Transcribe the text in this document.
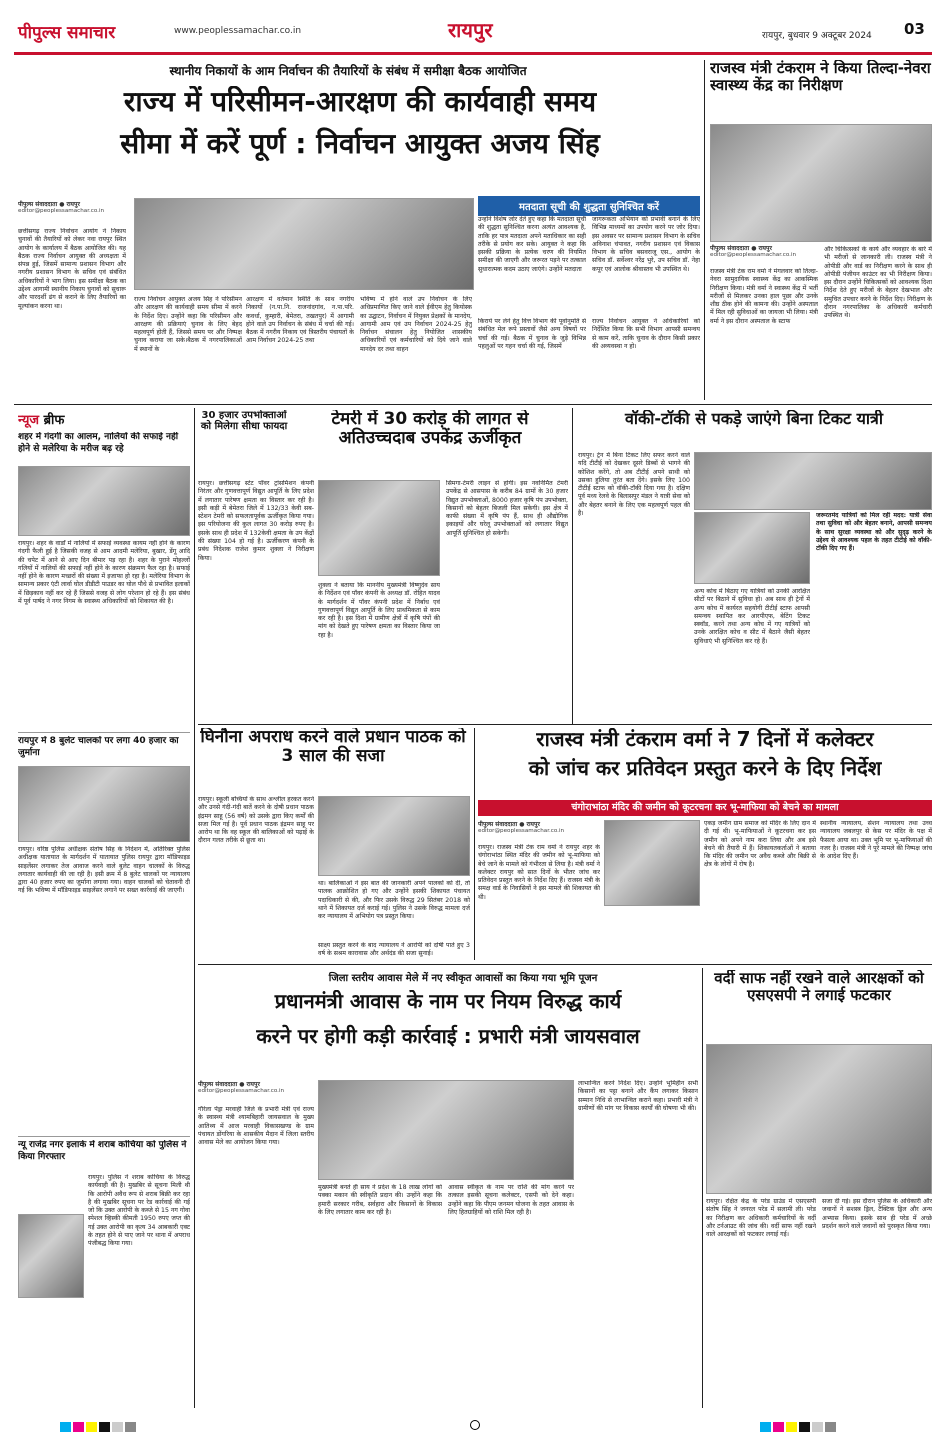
पीपुल्स समाचार	www.peoplessamachar.co.in	रायपुर	रायपुर, बुधवार 9 अक्टूबर 2024 03
स्थानीय निकायों के आम निर्वाचन की तैयारियों के संबंध में समीक्षा बैठक आयोजित
राज्य में परिसीमन-आरक्षण की कार्यवाही समय
सीमा में करें पूर्ण : निर्वाचन आयुक्त अजय सिंह
पीपुल्स संवाददाता ● रायपुर
editor@peoplessamachar.co.in
छत्तीसगढ़ राज्य निर्वाचन आयोग ने निकाय चुनावों की तैयारियों को लेकर नवा रायपुर स्थित आयोग के कार्यालय में बैठक आयोजित की। यह बैठक राज्य निर्वाचन आयुक्त की अध्यक्षता में संपन्न हुई, जिसमें सामान्य प्रशासन विभाग और नगरीय प्रशासन विभाग के सचिव एवं संबंधित अधिकारियों ने भाग लिया। इस समीक्षा बैठक का उद्देश्य आगामी स्थानीय निकाय चुनावों को सुचारू और पारदर्शी ढंग से कराने के लिए तैयारियों का मूल्यांकन करना था।
राज्य निर्वाचन आयुक्त अजय सिंह ने परिसीमन और आरक्षण की कार्यवाही समय सीमा में करने के निर्देश दिए। उन्होंने कहा कि परिसीमन और आरक्षण की प्रक्रियाएं चुनाव के लिए बेहद महत्वपूर्ण होती हैं, जिससे समय पर और निष्पक्ष चुनाव कराया जा सके।बैठक में नगरपालिकाओं में स्थानों के
आरक्षण में वर्तमान स्थिति के साथ नगरीय निकायों (न.पा.नि. राजनांदगांव, न.पा.परि. कवर्धा, कुम्हारी, बेमेतरा, तखतपुर) में आगामी होने वाले उप निर्वाचन के संबंध में चर्चा की गई।बैठक में नगरीय निकाय एवं त्रिस्तरीय पंचायतों के आम निर्वाचन 2024-25 तथा
भविष्य में होने वाले उप निर्वाचन के लिए अधिप्रमाणित किए जाने वाले ईवीएम हेतु कियोस्क का उद्घाटन, निर्वाचन में नियुक्त प्रेक्षकों के मानदेय, आगामी आम एवं उप निर्वाचन 2024-25 हेतु निर्वाचन संचालन हेतु नियोजित शासकीय अधिकारियों एवं कर्मचारियों को दिये जाने वाले मानदेय दर तथा वाहन
मतदाता सूची की शुद्धता सुनिश्चित करें
उन्होंने विशेष जोर देते हुए कहा कि मतदाता सूची की शुद्धता सुनिश्चित करना अत्यंत आवश्यक है, ताकि हर पात्र मतदाता अपने मताधिकार का सही तरीके से प्रयोग कर सके। आयुक्त ने कहा कि इसकी प्रक्रिया के प्रत्येक चरण की नियमित समीक्षा की जाएगी और जरूरत पड़ने पर तत्काल सुधारात्मक कदम उठाए जाएंगे। उन्होंने मतदाता
जागरूकता अभियान को प्रभावी बनाने के लिए विभिन्न माध्यमों का उपयोग करने पर जोर दिया। इस अवसर पर सामान्य प्रशासन विभाग के सचिव अविनाश चंपावत, नगरीय प्रशासन एवं विकास विभाग के सचिव बसवराजू एस., आयोग के सचिव डॉ. सर्वेश्वर नरेंद्र भुरे, उप सचिव डॉ. नेहा कपूर एवं आलोक श्रीवास्तव भी उपस्थित थे।
किराये पर लेने हेतु वित्त विभाग की पूर्वानुमति से संबंधित मेल रूपे प्रस्तावों जैसे अन्य विषयों पर चर्चा की गई। बैठक में चुनाव के जुड़े विभिन्न पहलुओं पर गहन चर्चा की गई, जिसमें
राज्य निर्वाचन आयुक्त ने अधिकारियों को निर्देशित किया कि सभी विभाग आपसी समन्वय से काम करें, ताकि चुनाव के दौरान किसी प्रकार की अव्यवस्था न हो।
राजस्व मंत्री टंकराम ने किया तिल्दा-नेवरा स्वास्थ्य केंद्र का निरीक्षण
पीपुल्स संवाददाता ● रायपुर
editor@peoplessamachar.co.in
राजस्व मंत्री टंक राम वर्मा ने मंगलवार को तिल्दा-नेवरा सामुदायिक स्वास्थ्य केंद्र का आकस्मिक निरीक्षण किया। मंत्री वर्मा ने स्वास्थ्य केंद्र में भर्ती मरीजों से मिलकर उनका हाल पूछा और उनके शीघ्र ठीक होने की कामना की। उन्होंने अस्पताल में मिल रही सुविधाओं का जायजा भी लिया। मंत्री वर्मा ने इस दौरान अस्पताल के स्टाफ
और चिकित्सकों के कार्य और व्यवहार के बारे में भी मरीजों से जानकारी ली। राजस्व मंत्री ने ओपीडी और वार्ड का निरीक्षण करने के साथ ही ओपीडी पंजीयन काउंटर का भी निरीक्षण किया। इस दौरान उन्होंने चिकित्सकों को आवश्यक दिशा निर्देश देते हुए मरीजों के बेहतर देखभाल और समुचित उपचार करने के निर्देश दिए। निरीक्षण के दौरान नगरपालिका के अधिकारी कर्मचारी उपस्थित थे।
न्यूज ब्रीफ
शहर में गंदगी का आलम, नालियों की सफाई नहीं होने से मलेरिया के मरीज बढ़ रहे
रायपुर। शहर के वार्डों में नालियों में सफाई व्यवस्था कायम नहीं होने के कारण गंदगी फैली हुई है जिसकी वजह से आम आदमी मलेरिया, बुखार, डेंगू आदि की चपेट में आने से आए दिन बीमार पड़ रहा है। शहर के पुराने मोहल्लों गलियों में नालियों की सफाई नहीं होने के कारण संक्रमण फैल रहा है। सफाई नहीं होने के कारण मच्छरों की संख्या में इजाफा हो रहा है। मलेरिया विभाग के सामान्य प्रकार एंटी लार्वा घोल डीडीटी पाउडर का घोल पौधे से प्रभावित इलाकों में छिड़काव नहीं कर रहे हैं जिससे वजह से लोग परेशान हो रहे हैं। इस संबंध में पूर्व पार्षद ने नगर निगम के स्वास्थ्य अधिकारियों को शिकायत की है।
रायपुर में 8 बुलेट चालकों पर लगा 40 हजार का जुर्माना
रायपुर। वरिष्ठ पुलिस अधीक्षक संतोष सिंह के निर्देशन में, अतिरिक्त पुलिस अधीक्षक यातायात के मार्गदर्शन में यातायात पुलिस रायपुर द्वारा मॉडिफाइड साइलेंसर लगाकर तेज आवाज करने वाले बुलेट वाहन चालकों के विरुद्ध लगातार कार्यवाही की जा रही है। इसी क्रम में 8 बुलेट चालकों पर न्यायालय द्वारा 40 हजार रुपए का जुर्माना लगाया गया। वाहन चालकों को चेतावनी दी गई कि भविष्य में मॉडिफाइड साइलेंसर लगाने पर सख्त कार्रवाई की जाएगी।
न्यू राजेंद्र नगर इलाके में शराब कोचिया को पुलिस ने किया गिरफ्तार
रायपुर। पुलिस ने शराब कोचिया के विरुद्ध कार्यवाही की है। मुखबिर से सूचना मिली थी कि आरोपी अवैध रूप से शराब बिक्री कर रहा है की मुखबिर सूचना पर रेड कार्रवाई की गई जो कि उक्त आरोपी के कब्जे से 15 नग गोवा स्पेशल व्हिस्की कीमती 1950 रुपए जप्त की गई उक्त आरोपी का कृत्य 34 आबकारी एक्ट के तहत होने से पाए जाने पर थाना में अपराध पंजीबद्ध किया गया।
30 हजार उपभोक्ताओं को मिलेगा सीधा फायदा	टेमरी में 30 करोड़ की लागत से अतिउच्चदाब उपकेंद्र ऊर्जीकृत
रायपुर। छत्तीसगढ़ स्टेट पॉवर ट्रांसमिशन कंपनी निरंतर और गुणवत्तापूर्ण विद्युत आपूर्ति के लिए प्रदेश में लगातार पारेषण क्षमता का विस्तार कर रही है। इसी कड़ी में बेमेतरा जिले में 132/33 केवी सब-स्टेशन टेमरी को सफलतापूर्वक ऊर्जीकृत किया गया। इस परियोजना की कुल लागत 30 करोड़ रुपए है। इसके साथ ही प्रदेश में 132केवी क्षमता के उप केंद्रों की संख्या 104 हो गई है। ऊर्जीकरण कंपनी के प्रबंध निदेशक राजेश कुमार शुक्ला ने निरीक्षण किया।
शुक्ला ने बताया कि माननीय मुख्यमंत्री विष्णुदेव साय के निर्देशन एवं पॉवर कंपनी के अध्यक्ष डॉ. रोहित यादव के मार्गदर्शन में पॉवर कंपनी प्रदेश में निर्बाध एवं गुणवत्तापूर्ण विद्युत आपूर्ति के लिए प्राथमिकता से काम कर रही है। इस दिशा में ग्रामीण क्षेत्रों में कृषि पंपों की मांग को देखते हुए पारेषण क्षमता का विस्तार किया जा रहा है।
सिमगा-टेमरी लाइन से होगी। इस नवनिर्मित टेमरी उपकेंद्र से आसपास के करीब 84 ग्रामों के 30 हजार विद्युत उपभोक्ताओं, 8000 हजार कृषि पंप उपभोक्ता, किसानों को बेहतर बिजली मिल सकेगी। इस क्षेत्र में काफी संख्या में कृषि पंप हैं, साथ ही औद्योगिक इकाइयों और घरेलू उपभोक्ताओं को लगातार विद्युत आपूर्ति सुनिश्चित हो सकेगी।
वॉकी-टॉकी से पकड़े जाएंगे बिना टिकट यात्री
रायपुर। ट्रेन में बिना टिकट लिए सफर करने वाले यदि टीटीई को देखकर दूसरे डिब्बों से भागने की कोशिश करेंगे, तो अब टीटीई अपने साथी को उसका हुलिया तुरंत बता देंगे। इसके लिए 100 टीटीई स्टाफ को वॉकी-टॉकी दिया गया है। दक्षिण पूर्व मध्य रेलवे के बिलासपुर मंडल ने यात्री सेवा को और बेहतर बनाने के लिए एक महत्वपूर्ण पहल की है।
अन्य कोच में बिठाए गए यात्रियों को उनकी आरक्षित सीटों पर बिठाने में सुविधा हो। अब साथ ही ट्रेनों में अन्य कोच में कार्यरत सहयोगी टीटीई स्टाफ आपसी समन्वय स्थापित कर आरपीएफ, बेटिंग टिकट स्क्वॉड, करने तथा अन्य कोच में गए यात्रियों को उनके आरक्षित कोच व सीट में बैठाने जैसी बेहतर सुविधाएं भी सुनिश्चित कर रहे हैं।
जरूरतमंद यात्रियों को मिल रही मदद: यात्री सेवा तथा सुविधा को और बेहतर बनाने, आपसी समन्वय के साथ सुरक्षा व्यवस्था को और सुदृढ़ करने के उद्देश्य से आवश्यक पहल के तहत टीटीई को वॉकी-टॉकी दिए गए हैं।
घिनौना अपराध करने वाले प्रधान पाठक को 3 साल की सजा
रायपुर। स्कूली बच्चियों के साथ अश्लील हरकत करने और उनसे गंदी-गंदी बातें करने के दोषी प्रधान पाठक इंद्रमन साहू (56 वर्ष) को उसके द्वारा किए कर्मों की सजा मिल गई है। पूर्व प्रधान पाठक इंद्रमन साहू पर आरोप था कि वह स्कूल की बालिकाओं को पढ़ाई के दौरान गलत तरीके से छूता था।
था। बालिकाओं ने इस बात की जानकारी अपने पालकों को दी, तो पालक आक्रोशित हो गए और उन्होंने इसकी शिकायत पंचायत पदाधिकारी से की, और फिर उसके विरुद्ध 29 सितंबर 2018 को थाने में शिकायत दर्ज कराई गई। पुलिस ने उसके विरुद्ध मामला दर्ज कर न्यायालय में अभियोग पत्र प्रस्तुत किया।
साक्ष्य प्रस्तुत करने के बाद न्यायालय ने आरोपी को दोषी पाते हुए 3 वर्ष के सश्रम कारावास और अर्थदंड की सजा सुनाई।
राजस्व मंत्री टंकराम वर्मा ने 7 दिनों में कलेक्टर
को जांच कर प्रतिवेदन प्रस्तुत करने के दिए निर्देश
चंगोराभांठा मंदिर की जमीन को कूटरचना कर भू-माफिया को बेचने का मामला
पीपुल्स संवाददाता ● रायपुर
editor@peoplessamachar.co.in
रायपुर। राजस्व मंत्री टंक राम वर्मा ने रायपुर शहर के चंगोराभांठा स्थित मंदिर की जमीन को भू-माफिया को बेचे जाने के मामले को गंभीरता से लिया है। मंत्री वर्मा ने कलेक्टर रायपुर को सात दिनों के भीतर जांच कर प्रतिवेदन प्रस्तुत करने के निर्देश दिए हैं। राजस्व मंत्री के समक्ष वार्ड के निवासियों ने इस मामले की शिकायत की थी।
एकड़ जमीन ग्राम समाज को मंदिर के लिए दान में दी गई थी। भू-माफियाओं ने कूटरचना कर इस जमीन को अपने नाम करा लिया और अब इसे बेचने की तैयारी में हैं। शिकायतकर्ताओं ने बताया कि मंदिर की जमीन पर अवैध कब्जे और बिक्री से क्षेत्र के लोगों में रोष है।
स्थानीय न्यायालय, सेशन न्यायालय तथा उच्च न्यायालय जबलपुर से केस पर मंदिर के पक्ष में फैसला आया था। उक्त भूमि पर भू-माफियाओं की नजर है। राजस्व मंत्री ने पूरे मामले की निष्पक्ष जांच के आदेश दिए हैं।
जिला स्तरीय आवास मेले में नए स्वीकृत आवासों का किया गया भूमि पूजन
प्रधानमंत्री आवास के नाम पर नियम विरुद्ध कार्य
करने पर होगी कड़ी कार्रवाई : प्रभारी मंत्री जायसवाल
पीपुल्स संवाददाता ● रायपुर
editor@peoplessamachar.co.in
गौरेला पेंड्रा मरवाही जिले के प्रभारी मंत्री एवं राज्य के स्वास्थ्य मंत्री श्यामबिहारी जायसवाल के मुख्य आतिथ्य में आज मरवाही विकासखण्ड के ग्राम पंचायत डोंगरिया के शासकीय मैदान में जिला स्तरीय आवास मेले का आयोजन किया गया।
मुख्यमंत्री बनते ही साय ने प्रदेश के 18 लाख लोगों को पक्का मकान की स्वीकृति प्रदान की। उन्होंने कहा कि हमारी सरकार गरीब, सर्वहारा और किसानों के विकास के लिए लगातार काम कर रही है।
आवास स्वीकृत के नाम पर राशि की मांग करने पर तत्काल इसकी सूचना कलेक्टर, एसपी को देने कहा। उन्होंने कहा कि पीएम जनमन योजना के तहत आवास के लिए हितग्राहियों को राशि मिल रही है।
लाभान्वित करने निर्देश दिए। उन्होंने भूमिहीन सभी किसानों का पट्टा बनाने और कैंप लगाकर किसान सम्मान निधि से लाभान्वित कराने कहा। प्रभारी मंत्री ने ग्रामीणों की मांग पर विकास कार्यों की घोषणा भी की।
वर्दी साफ नहीं रखने वाले आरक्षकों को एसएसपी ने लगाई फटकार
रायपुर। रक्षित केंद्र के परेड ग्राउंड में एसएसपी संतोष सिंह ने जनरल परेड में सलामी ली। परेड का निरीक्षण कर अधिकारी कर्मचारियों के वर्दी और टर्नआउट की जांच की। वर्दी साफ नहीं रखने वाले आरक्षकों को फटकार लगाई गई।
सजा दी गई। इस दौरान पुलिस के अधिकारी और जवानों ने सशस्त्र ड्रिल, टैक्टिक ड्रिल और अन्य अभ्यास किया। इसके साथ ही परेड में अच्छे प्रदर्शन करने वाले जवानों को पुरस्कृत किया गया।
